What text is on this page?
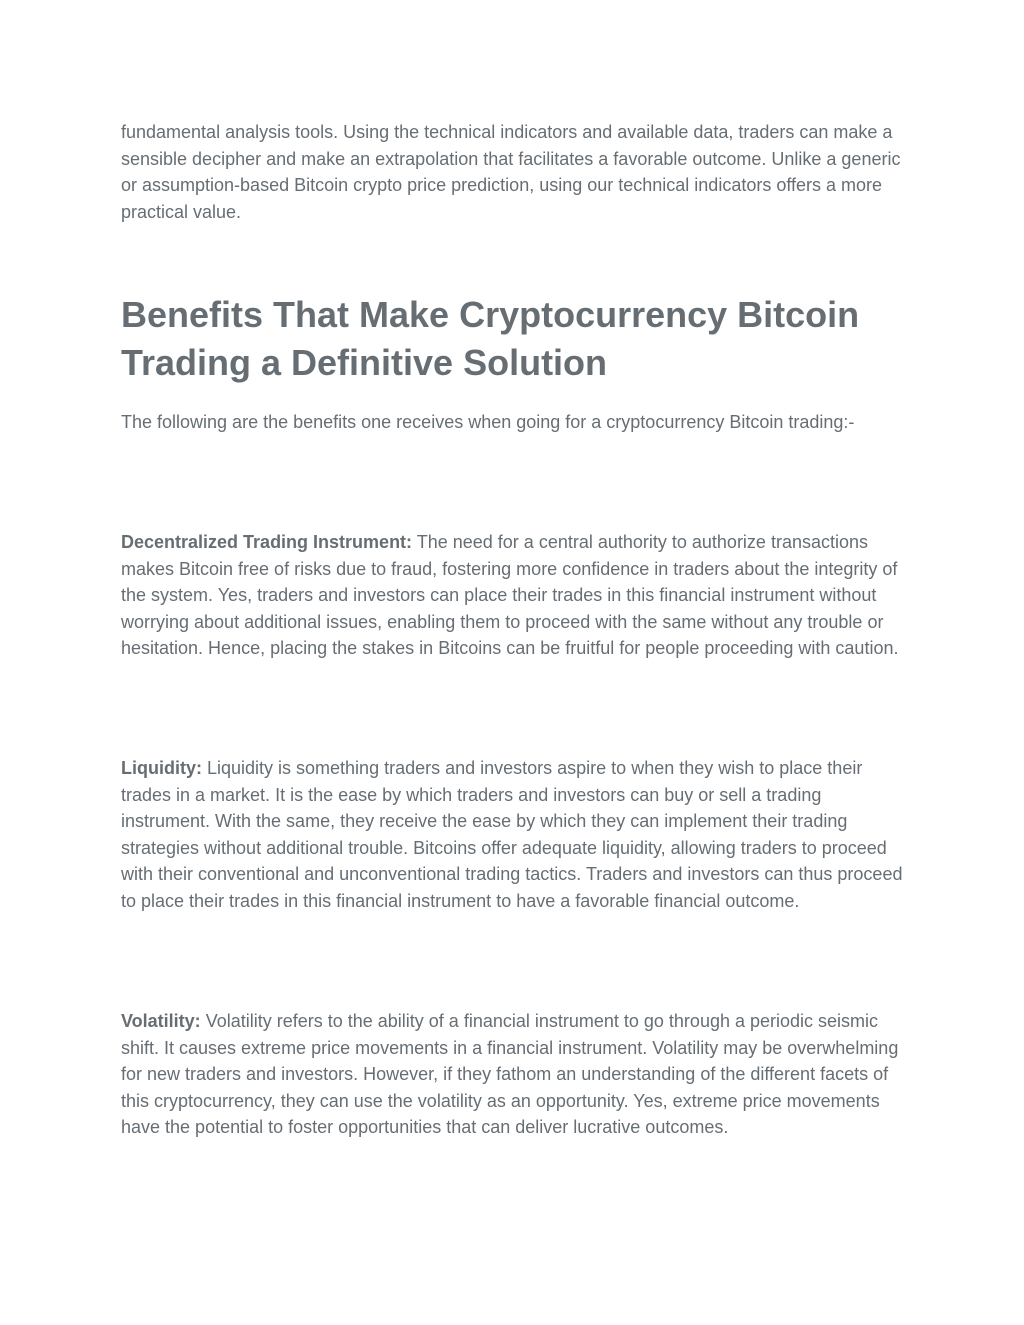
fundamental analysis tools. Using the technical indicators and available data, traders can make a sensible decipher and make an extrapolation that facilitates a favorable outcome. Unlike a generic or assumption-based Bitcoin crypto price prediction, using our technical indicators offers a more practical value.

Benefits That Make Cryptocurrency Bitcoin Trading a Definitive Solution

The following are the benefits one receives when going for a cryptocurrency Bitcoin trading:-

Decentralized Trading Instrument: The need for a central authority to authorize transactions makes Bitcoin free of risks due to fraud, fostering more confidence in traders about the integrity of the system. Yes, traders and investors can place their trades in this financial instrument without worrying about additional issues, enabling them to proceed with the same without any trouble or hesitation. Hence, placing the stakes in Bitcoins can be fruitful for people proceeding with caution.

Liquidity: Liquidity is something traders and investors aspire to when they wish to place their trades in a market. It is the ease by which traders and investors can buy or sell a trading instrument. With the same, they receive the ease by which they can implement their trading strategies without additional trouble. Bitcoins offer adequate liquidity, allowing traders to proceed with their conventional and unconventional trading tactics. Traders and investors can thus proceed to place their trades in this financial instrument to have a favorable financial outcome.

Volatility: Volatility refers to the ability of a financial instrument to go through a periodic seismic shift. It causes extreme price movements in a financial instrument. Volatility may be overwhelming for new traders and investors. However, if they fathom an understanding of the different facets of this cryptocurrency, they can use the volatility as an opportunity. Yes, extreme price movements have the potential to foster opportunities that can deliver lucrative outcomes.
